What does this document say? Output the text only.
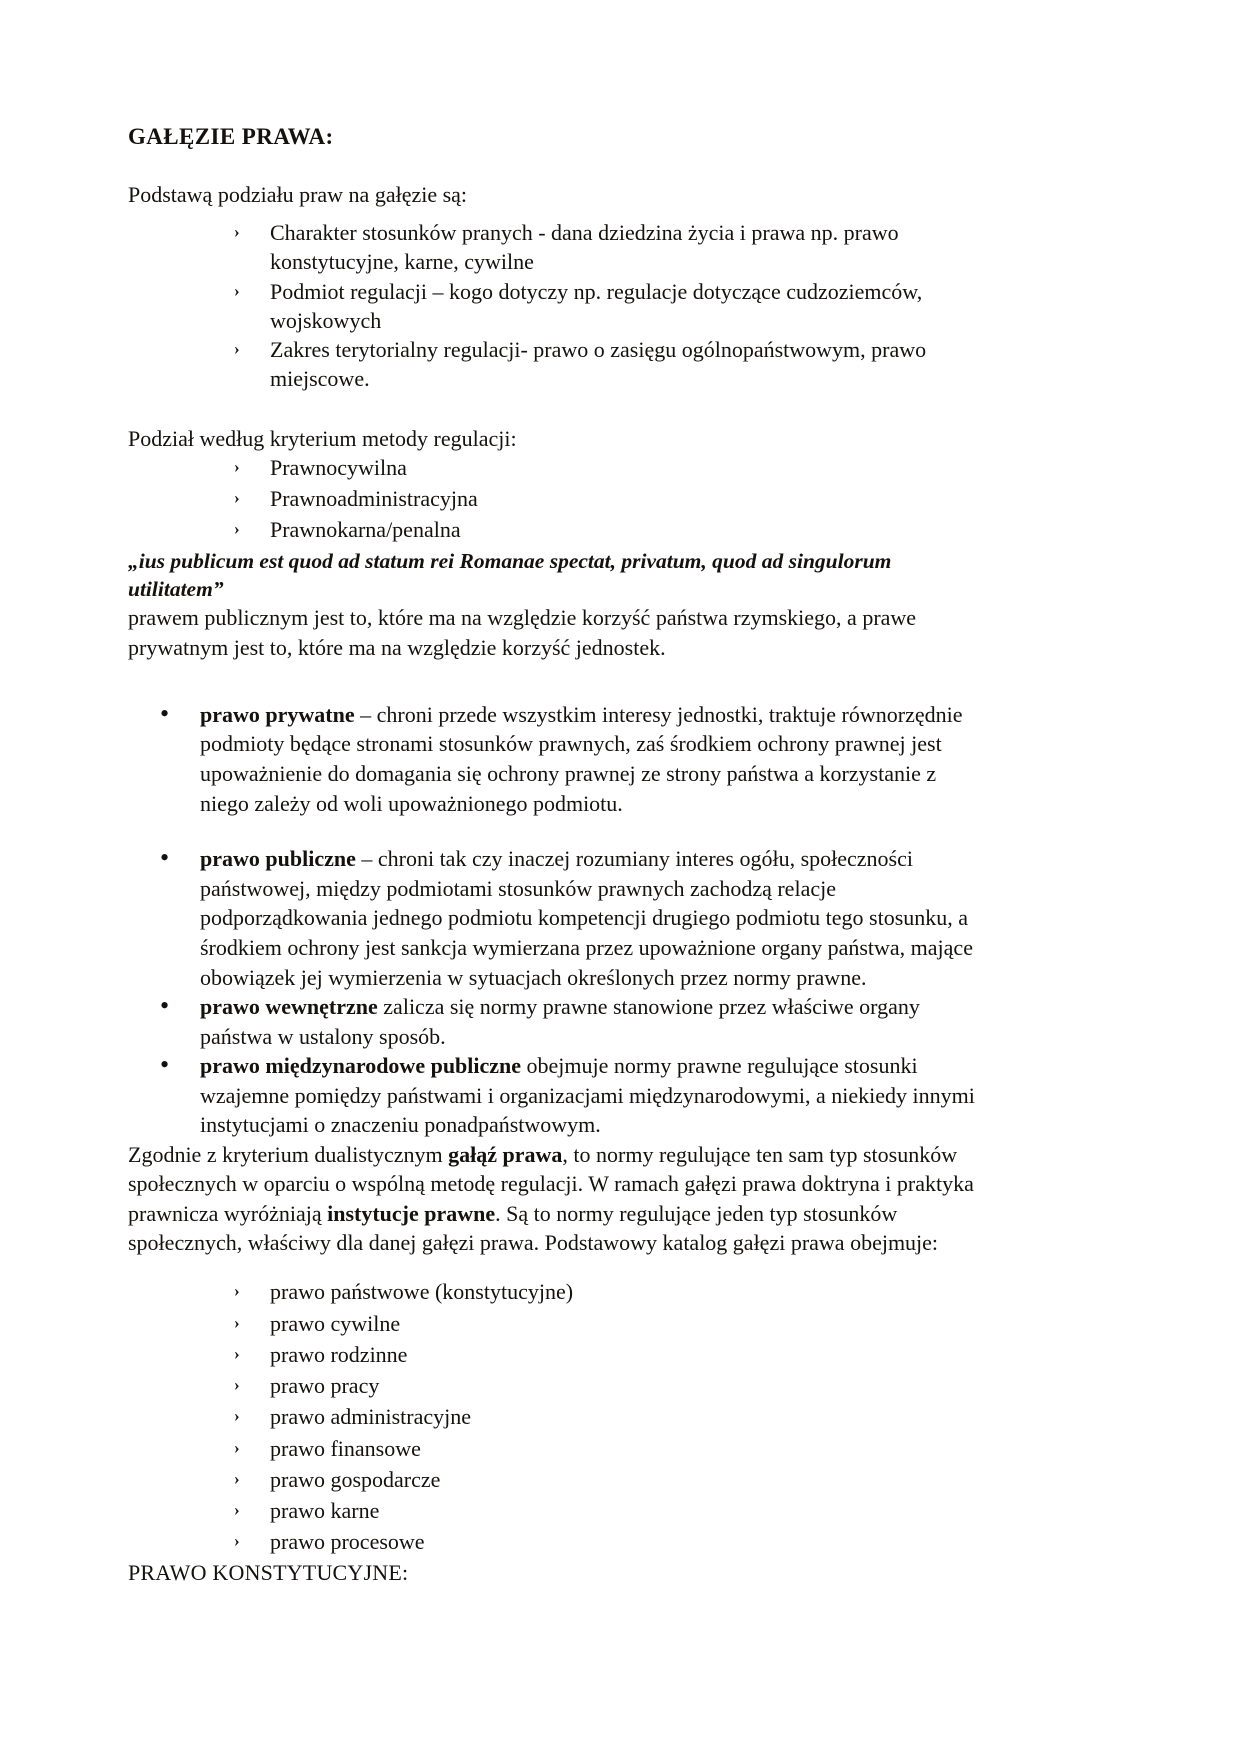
GAŁĘZIE PRAWA:

Podstawą podziału praw na gałęzie są:

› Charakter stosunków pranych - dana dziedzina życia i prawa np. prawo konstytucyjne, karne, cywilne
› Podmiot regulacji – kogo dotyczy np. regulacje dotyczące cudzoziemców, wojskowych
› Zakres terytorialny regulacji- prawo o zasięgu ogólnopaństwowym, prawo miejscowe.

Podział według kryterium metody regulacji:

› Prawnocywilna
› Prawnoadministracyjna
› Prawnokarna/penalna

„ius publicum est quod ad statum rei Romanae spectat, privatum, quod ad singulorum utilitatem”

prawem publicznym jest to, które ma na względzie korzyść państwa rzymskiego, a prawe prywatnym jest to, które ma na względzie korzyść jednostek.

• prawo prywatne – chroni przede wszystkim interesy jednostki, traktuje równorzędnie podmioty będące stronami stosunków prawnych, zaś środkiem ochrony prawnej jest upoważnienie do domagania się ochrony prawnej ze strony państwa a korzystanie z niego zależy od woli upoważnionego podmiotu.
• prawo publiczne – chroni tak czy inaczej rozumiany interes ogółu, społeczności państwowej, między podmiotami stosunków prawnych zachodzą relacje podporządkowania jednego podmiotu kompetencji drugiego podmiotu tego stosunku, a środkiem ochrony jest sankcja wymierzana przez upoważnione organy państwa, mające obowiązek jej wymierzenia w sytuacjach określonych przez normy prawne.
• prawo wewnętrzne zalicza się normy prawne stanowione przez właściwe organy państwa w ustalony sposób.
• prawo międzynarodowe publiczne obejmuje normy prawne regulujące stosunki wzajemne pomiędzy państwami i organizacjami międzynarodowymi, a niekiedy innymi instytucjami o znaczeniu ponadpaństwowym.

Zgodnie z kryterium dualistycznym gałąź prawa, to normy regulujące ten sam typ stosunków społecznych w oparciu o wspólną metodę regulacji. W ramach gałęzi prawa doktryna i praktyka prawnicza wyróżniają instytucje prawne. Są to normy regulujące jeden typ stosunków społecznych, właściwy dla danej gałęzi prawa. Podstawowy katalog gałęzi prawa obejmuje:

› prawo państwowe (konstytucyjne)
› prawo cywilne
› prawo rodzinne
› prawo pracy
› prawo administracyjne
› prawo finansowe
› prawo gospodarcze
› prawo karne
› prawo procesowe

PRAWO KONSTYTUCYJNE:
